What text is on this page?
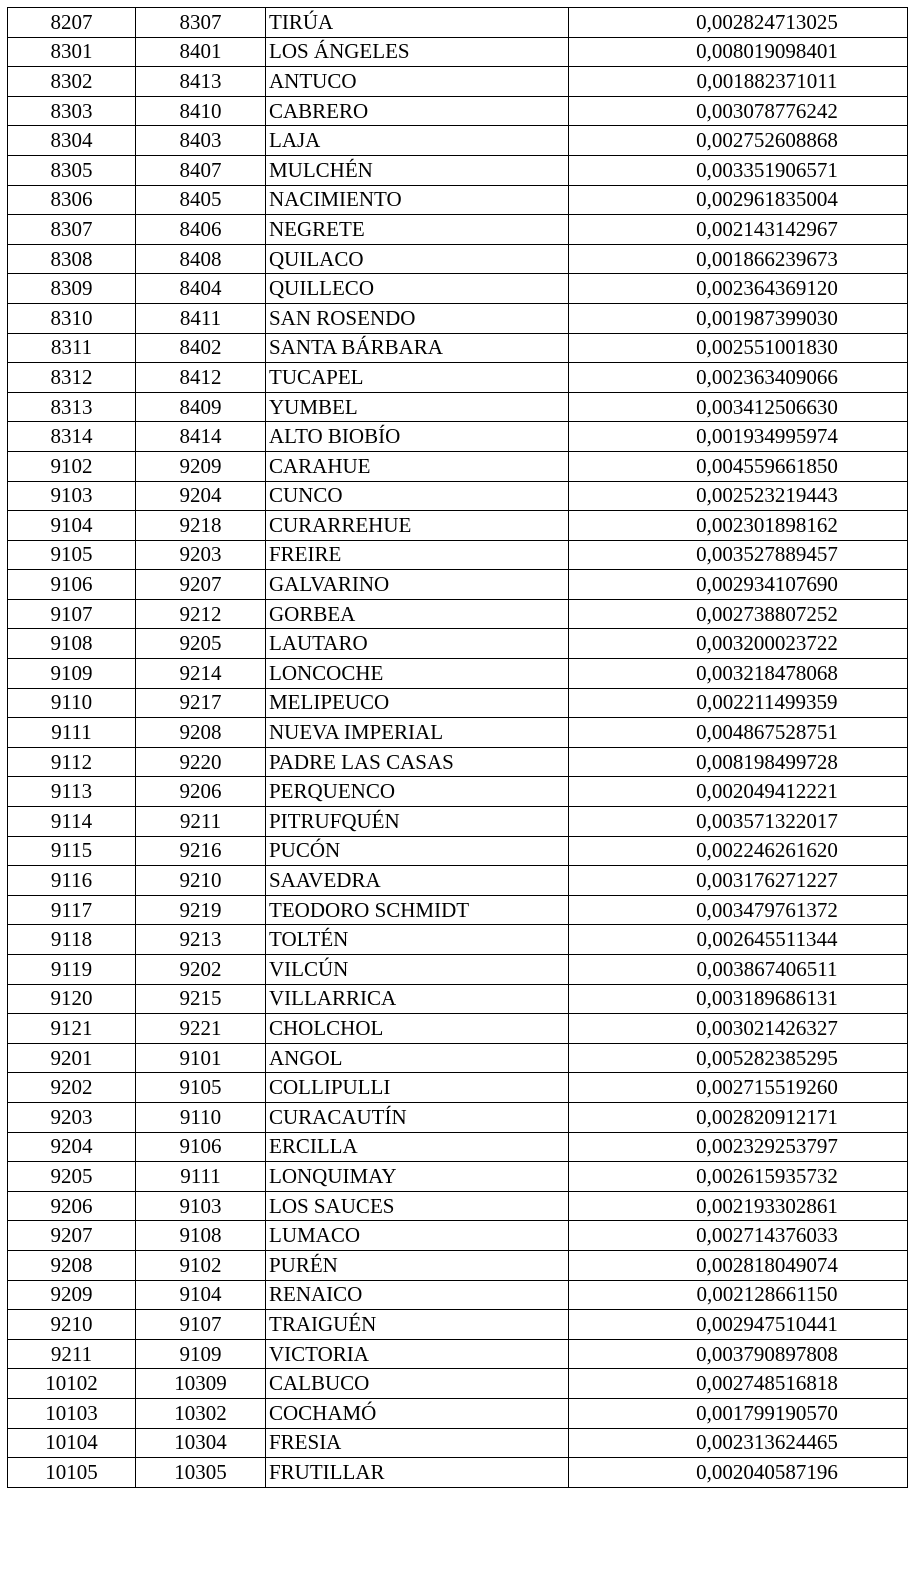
8207	8307	TIRÚA	0,002824713025
8301	8401	LOS ÁNGELES	0,008019098401
8302	8413	ANTUCO	0,001882371011
8303	8410	CABRERO	0,003078776242
8304	8403	LAJA	0,002752608868
8305	8407	MULCHÉN	0,003351906571
8306	8405	NACIMIENTO	0,002961835004
8307	8406	NEGRETE	0,002143142967
8308	8408	QUILACO	0,001866239673
8309	8404	QUILLECO	0,002364369120
8310	8411	SAN ROSENDO	0,001987399030
8311	8402	SANTA BÁRBARA	0,002551001830
8312	8412	TUCAPEL	0,002363409066
8313	8409	YUMBEL	0,003412506630
8314	8414	ALTO BIOBÍO	0,001934995974
9102	9209	CARAHUE	0,004559661850
9103	9204	CUNCO	0,002523219443
9104	9218	CURARREHUE	0,002301898162
9105	9203	FREIRE	0,003527889457
9106	9207	GALVARINO	0,002934107690
9107	9212	GORBEA	0,002738807252
9108	9205	LAUTARO	0,003200023722
9109	9214	LONCOCHE	0,003218478068
9110	9217	MELIPEUCO	0,002211499359
9111	9208	NUEVA IMPERIAL	0,004867528751
9112	9220	PADRE LAS CASAS	0,008198499728
9113	9206	PERQUENCO	0,002049412221
9114	9211	PITRUFQUÉN	0,003571322017
9115	9216	PUCÓN	0,002246261620
9116	9210	SAAVEDRA	0,003176271227
9117	9219	TEODORO SCHMIDT	0,003479761372
9118	9213	TOLTÉN	0,002645511344
9119	9202	VILCÚN	0,003867406511
9120	9215	VILLARRICA	0,003189686131
9121	9221	CHOLCHOL	0,003021426327
9201	9101	ANGOL	0,005282385295
9202	9105	COLLIPULLI	0,002715519260
9203	9110	CURACAUTÍN	0,002820912171
9204	9106	ERCILLA	0,002329253797
9205	9111	LONQUIMAY	0,002615935732
9206	9103	LOS SAUCES	0,002193302861
9207	9108	LUMACO	0,002714376033
9208	9102	PURÉN	0,002818049074
9209	9104	RENAICO	0,002128661150
9210	9107	TRAIGUÉN	0,002947510441
9211	9109	VICTORIA	0,003790897808
10102	10309	CALBUCO	0,002748516818
10103	10302	COCHAMÓ	0,001799190570
10104	10304	FRESIA	0,002313624465
10105	10305	FRUTILLAR	0,002040587196
